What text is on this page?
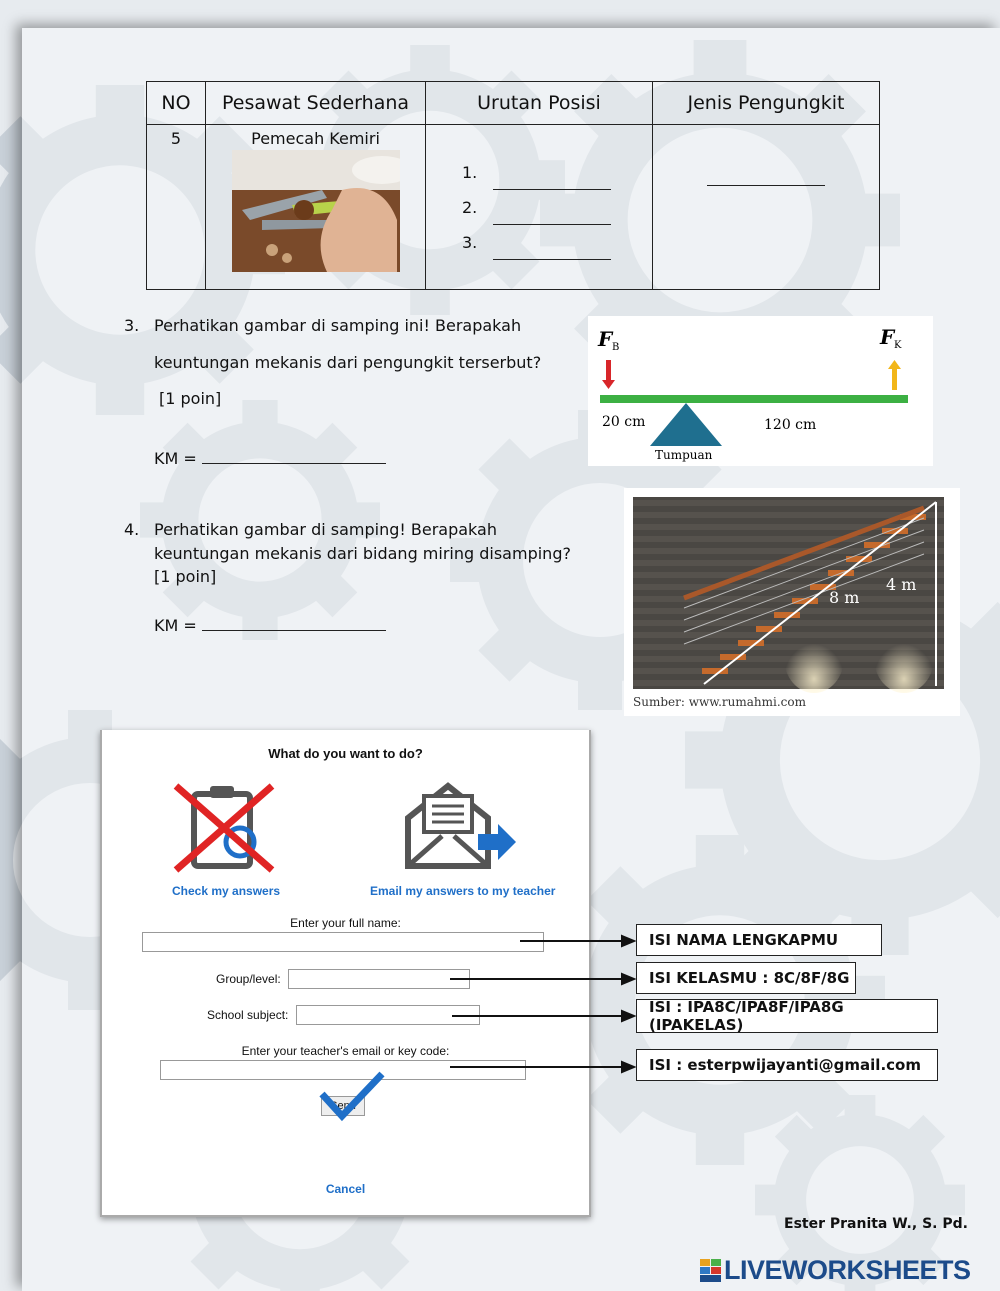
NO	Pesawat Sederhana	Urutan Posisi	Jenis Pengungkit
5	Pemecah Kemiri	1.
2.
3.	

3. Perhatikan gambar di samping ini! Berapakah
keuntungan mekanis dari pengungkit terserbut?
[1 poin]
KM =
F B	F K
20 cm	120 cm
Tumpuan
4. Perhatikan gambar di samping! Berapakah
keuntungan mekanis dari bidang miring disamping?
[1 poin]
KM =
8 m
4 m
Sumber: www.rumahmi.com
What do you want to do?
Check my answers	Email my answers to my teacher
Enter your full name:
Group/level:
School subject:
Enter your teacher's email or key code:
Send
Cancel
ISI NAMA LENGKAPMU
ISI KELASMU : 8C/8F/8G
ISI : IPA8C/IPA8F/IPA8G (IPAKELAS)
ISI : esterpwijayanti@gmail.com
Ester Pranita W., S. Pd.
LIVEWORKSHEETS
